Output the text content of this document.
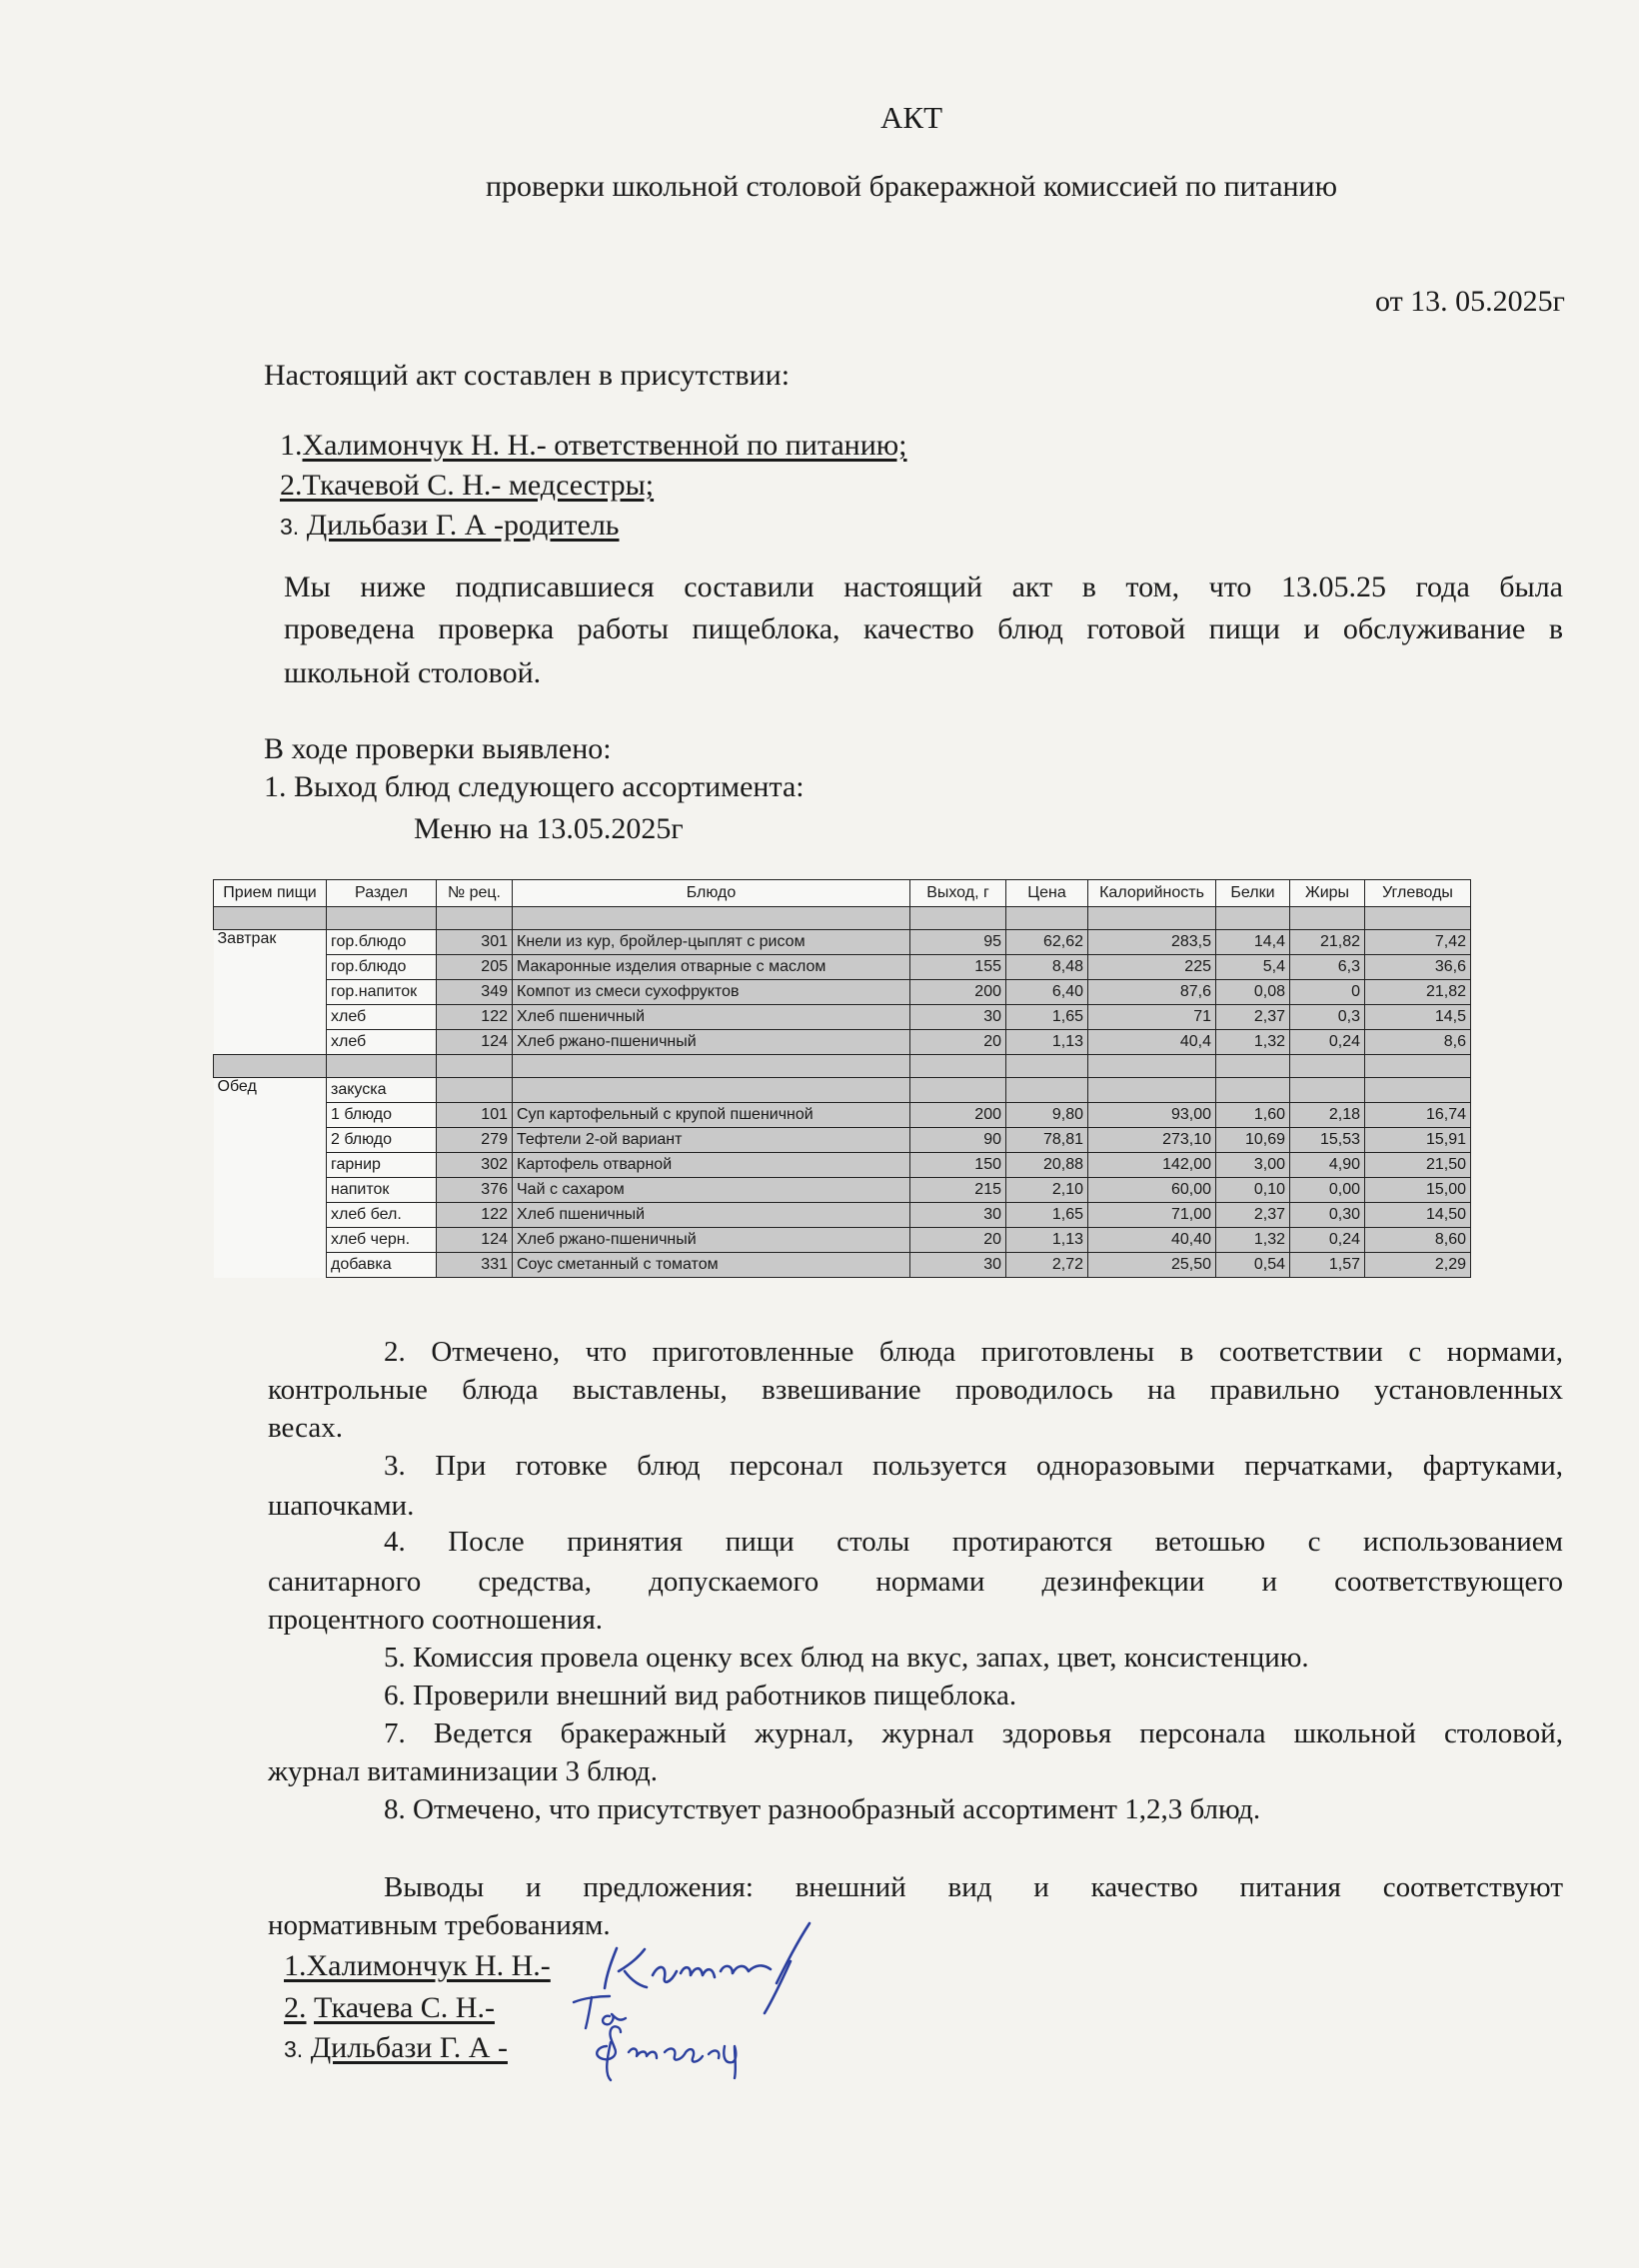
АКТ
проверки школьной столовой бракеражной комиссией по питанию
от 13. 05.2025г
Настоящий акт составлен в присутствии:
1.Халимончук Н. Н.- ответственной по питанию;
2.Ткачевой С. Н.- медсестры;
3. Дильбази Г. А -родитель
Мы ниже подписавшиеся составили настоящий акт в том, что 13.05.25 года была
проведена проверка работы пищеблока, качество блюд готовой пищи и обслуживание в
школьной столовой.
В ходе проверки выявлено:
1. Выход блюд следующего ассортимента:
Меню на 13.05.2025г
Прием пищи	Раздел	№ рец.	Блюдо	Выход, г	Цена	Калорийность	Белки	Жиры	Углеводы

Завтрак	гор.блюдо	301	Кнели из кур, бройлер-цыплят с рисом	95	62,62	283,5	14,4	21,82	7,42
	гор.блюдо	205	Макаронные изделия отварные с маслом	155	8,48	225	5,4	6,3	36,6
	гор.напиток	349	Компот из смеси сухофруктов	200	6,40	87,6	0,08	0	21,82
	хлеб	122	Хлеб пшеничный	30	1,65	71	2,37	0,3	14,5
	хлеб	124	Хлеб ржано-пшеничный	20	1,13	40,4	1,32	0,24	8,6

Обед	закуска								
	1 блюдо	101	Суп картофельный с крупой пшеничной	200	9,80	93,00	1,60	2,18	16,74
	2 блюдо	279	Тефтели 2-ой вариант	90	78,81	273,10	10,69	15,53	15,91
	гарнир	302	Картофель отварной	150	20,88	142,00	3,00	4,90	21,50
	напиток	376	Чай с сахаром	215	2,10	60,00	0,10	0,00	15,00
	хлеб бел.	122	Хлеб пшеничный	30	1,65	71,00	2,37	0,30	14,50
	хлеб черн.	124	Хлеб ржано-пшеничный	20	1,13	40,40	1,32	0,24	8,60
	добавка	331	Соус сметанный с томатом	30	2,72	25,50	0,54	1,57	2,29
2. Отмечено, что приготовленные блюда приготовлены в соответствии с нормами,
контрольные блюда выставлены, взвешивание проводилось на правильно установленных
весах.
3. При готовке блюд персонал пользуется одноразовыми перчатками, фартуками,
шапочками.
4. После принятия пищи столы протираются ветошью с использованием
санитарного средства, допускаемого нормами дезинфекции и соответствующего
процентного соотношения.
5. Комиссия провела оценку всех блюд на вкус, запах, цвет, консистенцию.
6. Проверили внешний вид работников пищеблока.
7. Ведется бракеражный журнал, журнал здоровья персонала школьной столовой,
журнал витаминизации 3 блюд.
8. Отмечено, что присутствует разнообразный ассортимент 1,2,3 блюд.
Выводы и предложения: внешний вид и качество питания соответствуют
нормативным требованиям.
1.Халимончук Н. Н.-
2. Ткачева С. Н.-
3. Дильбази Г. А -
